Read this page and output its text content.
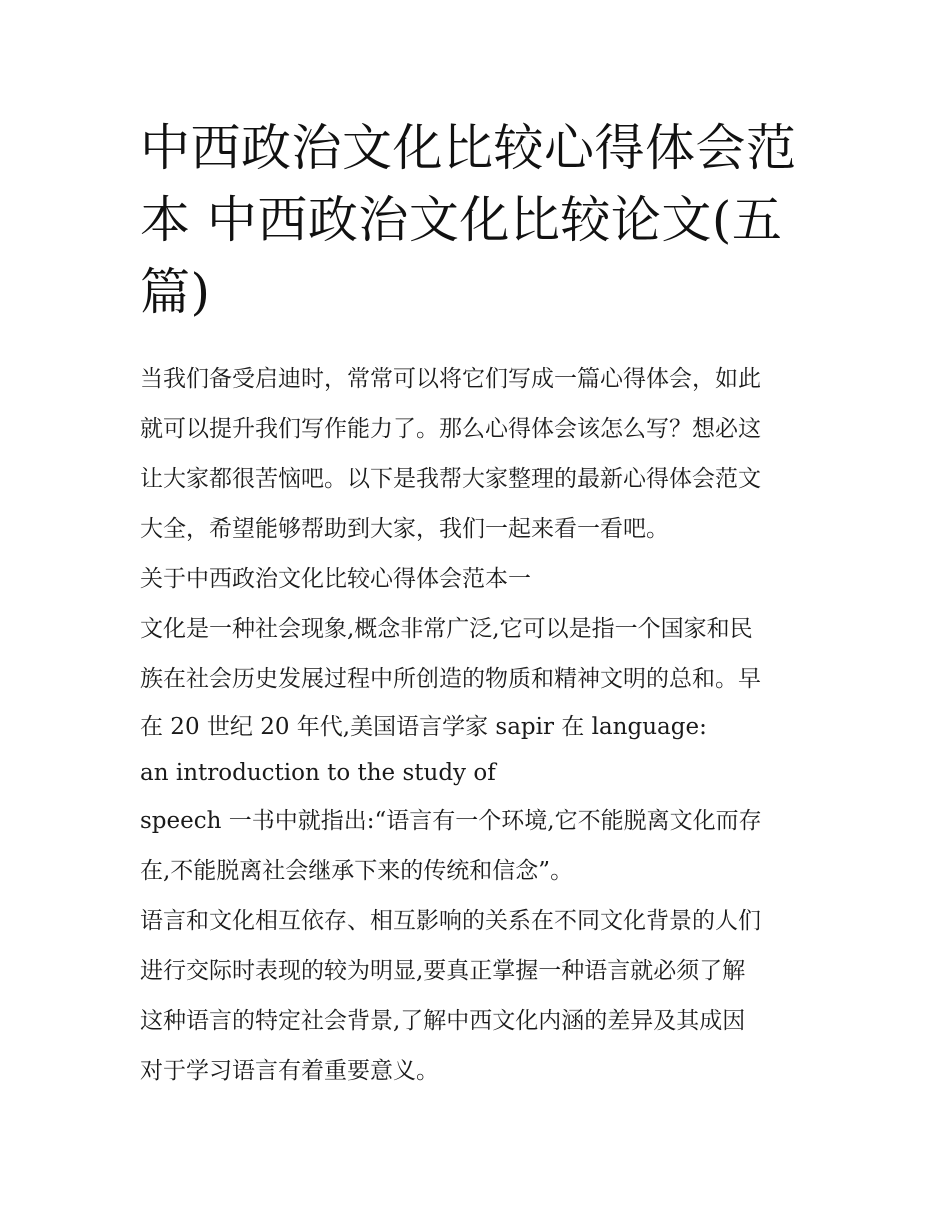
中西政治文化比较心得体会范
本 中西政治文化比较论文(五
篇)
当我们备受启迪时，常常可以将它们写成一篇心得体会，如此
就可以提升我们写作能力了。那么心得体会该怎么写？想必这
让大家都很苦恼吧。以下是我帮大家整理的最新心得体会范文
大全，希望能够帮助到大家，我们一起来看一看吧。
关于中西政治文化比较心得体会范本一
文化是一种社会现象,概念非常广泛,它可以是指一个国家和民
族在社会历史发展过程中所创造的物质和精神文明的总和。早
在 20 世纪 20 年代,美国语言学家 sapir 在 language:
an introduction to the study of
speech 一书中就指出:“语言有一个环境,它不能脱离文化而存
在,不能脱离社会继承下来的传统和信念”。
语言和文化相互依存、相互影响的关系在不同文化背景的人们
进行交际时表现的较为明显,要真正掌握一种语言就必须了解
这种语言的特定社会背景,了解中西文化内涵的差异及其成因
对于学习语言有着重要意义。
